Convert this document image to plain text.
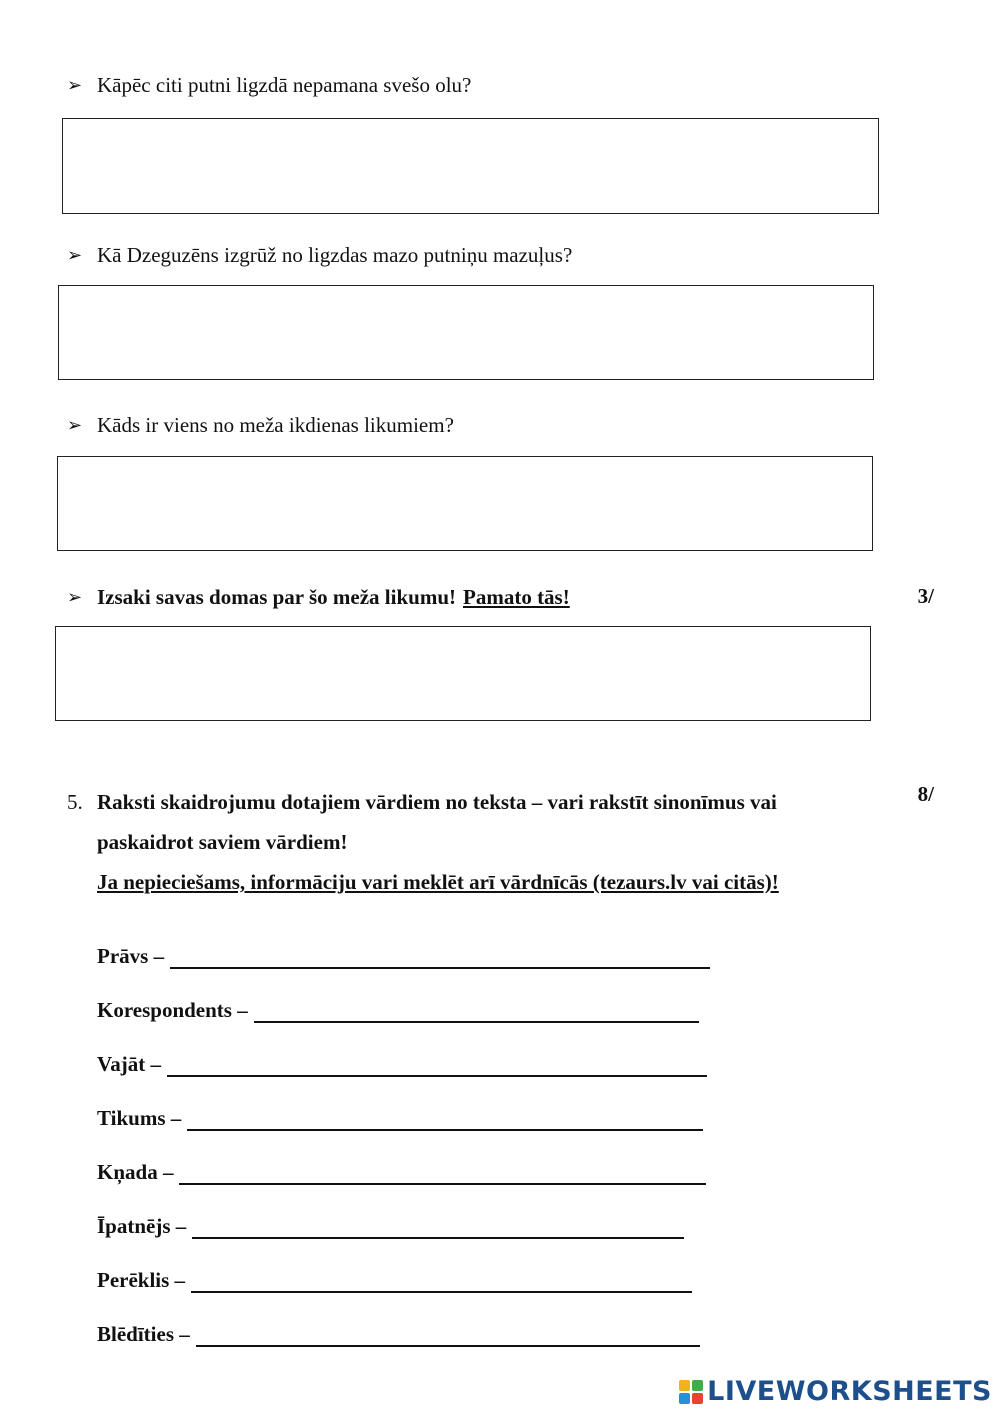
➢ Kāpēc citi putni ligzdā nepamana svešo olu?
➢ Kā Dzeguzēns izgrūž no ligzdas mazo putniņu mazuļus?
➢ Kāds ir viens no meža ikdienas likumiem?
➢ Izsaki savas domas par šo meža likumu! Pamato tās!	3/
5. Raksti skaidrojumu dotajiem vārdiem no teksta – vari rakstīt sinonīmus vai
paskaidrot saviem vārdiem!
Ja nepieciešams, informāciju vari meklēt arī vārdnīcās (tezaurs.lv vai citās)!
8/
Prāvs –
Korespondents –
Vajāt –
Tikums –
Kņada –
Īpatnējs –
Perēklis –
Blēdīties –
LIVEWORKSHEETS
